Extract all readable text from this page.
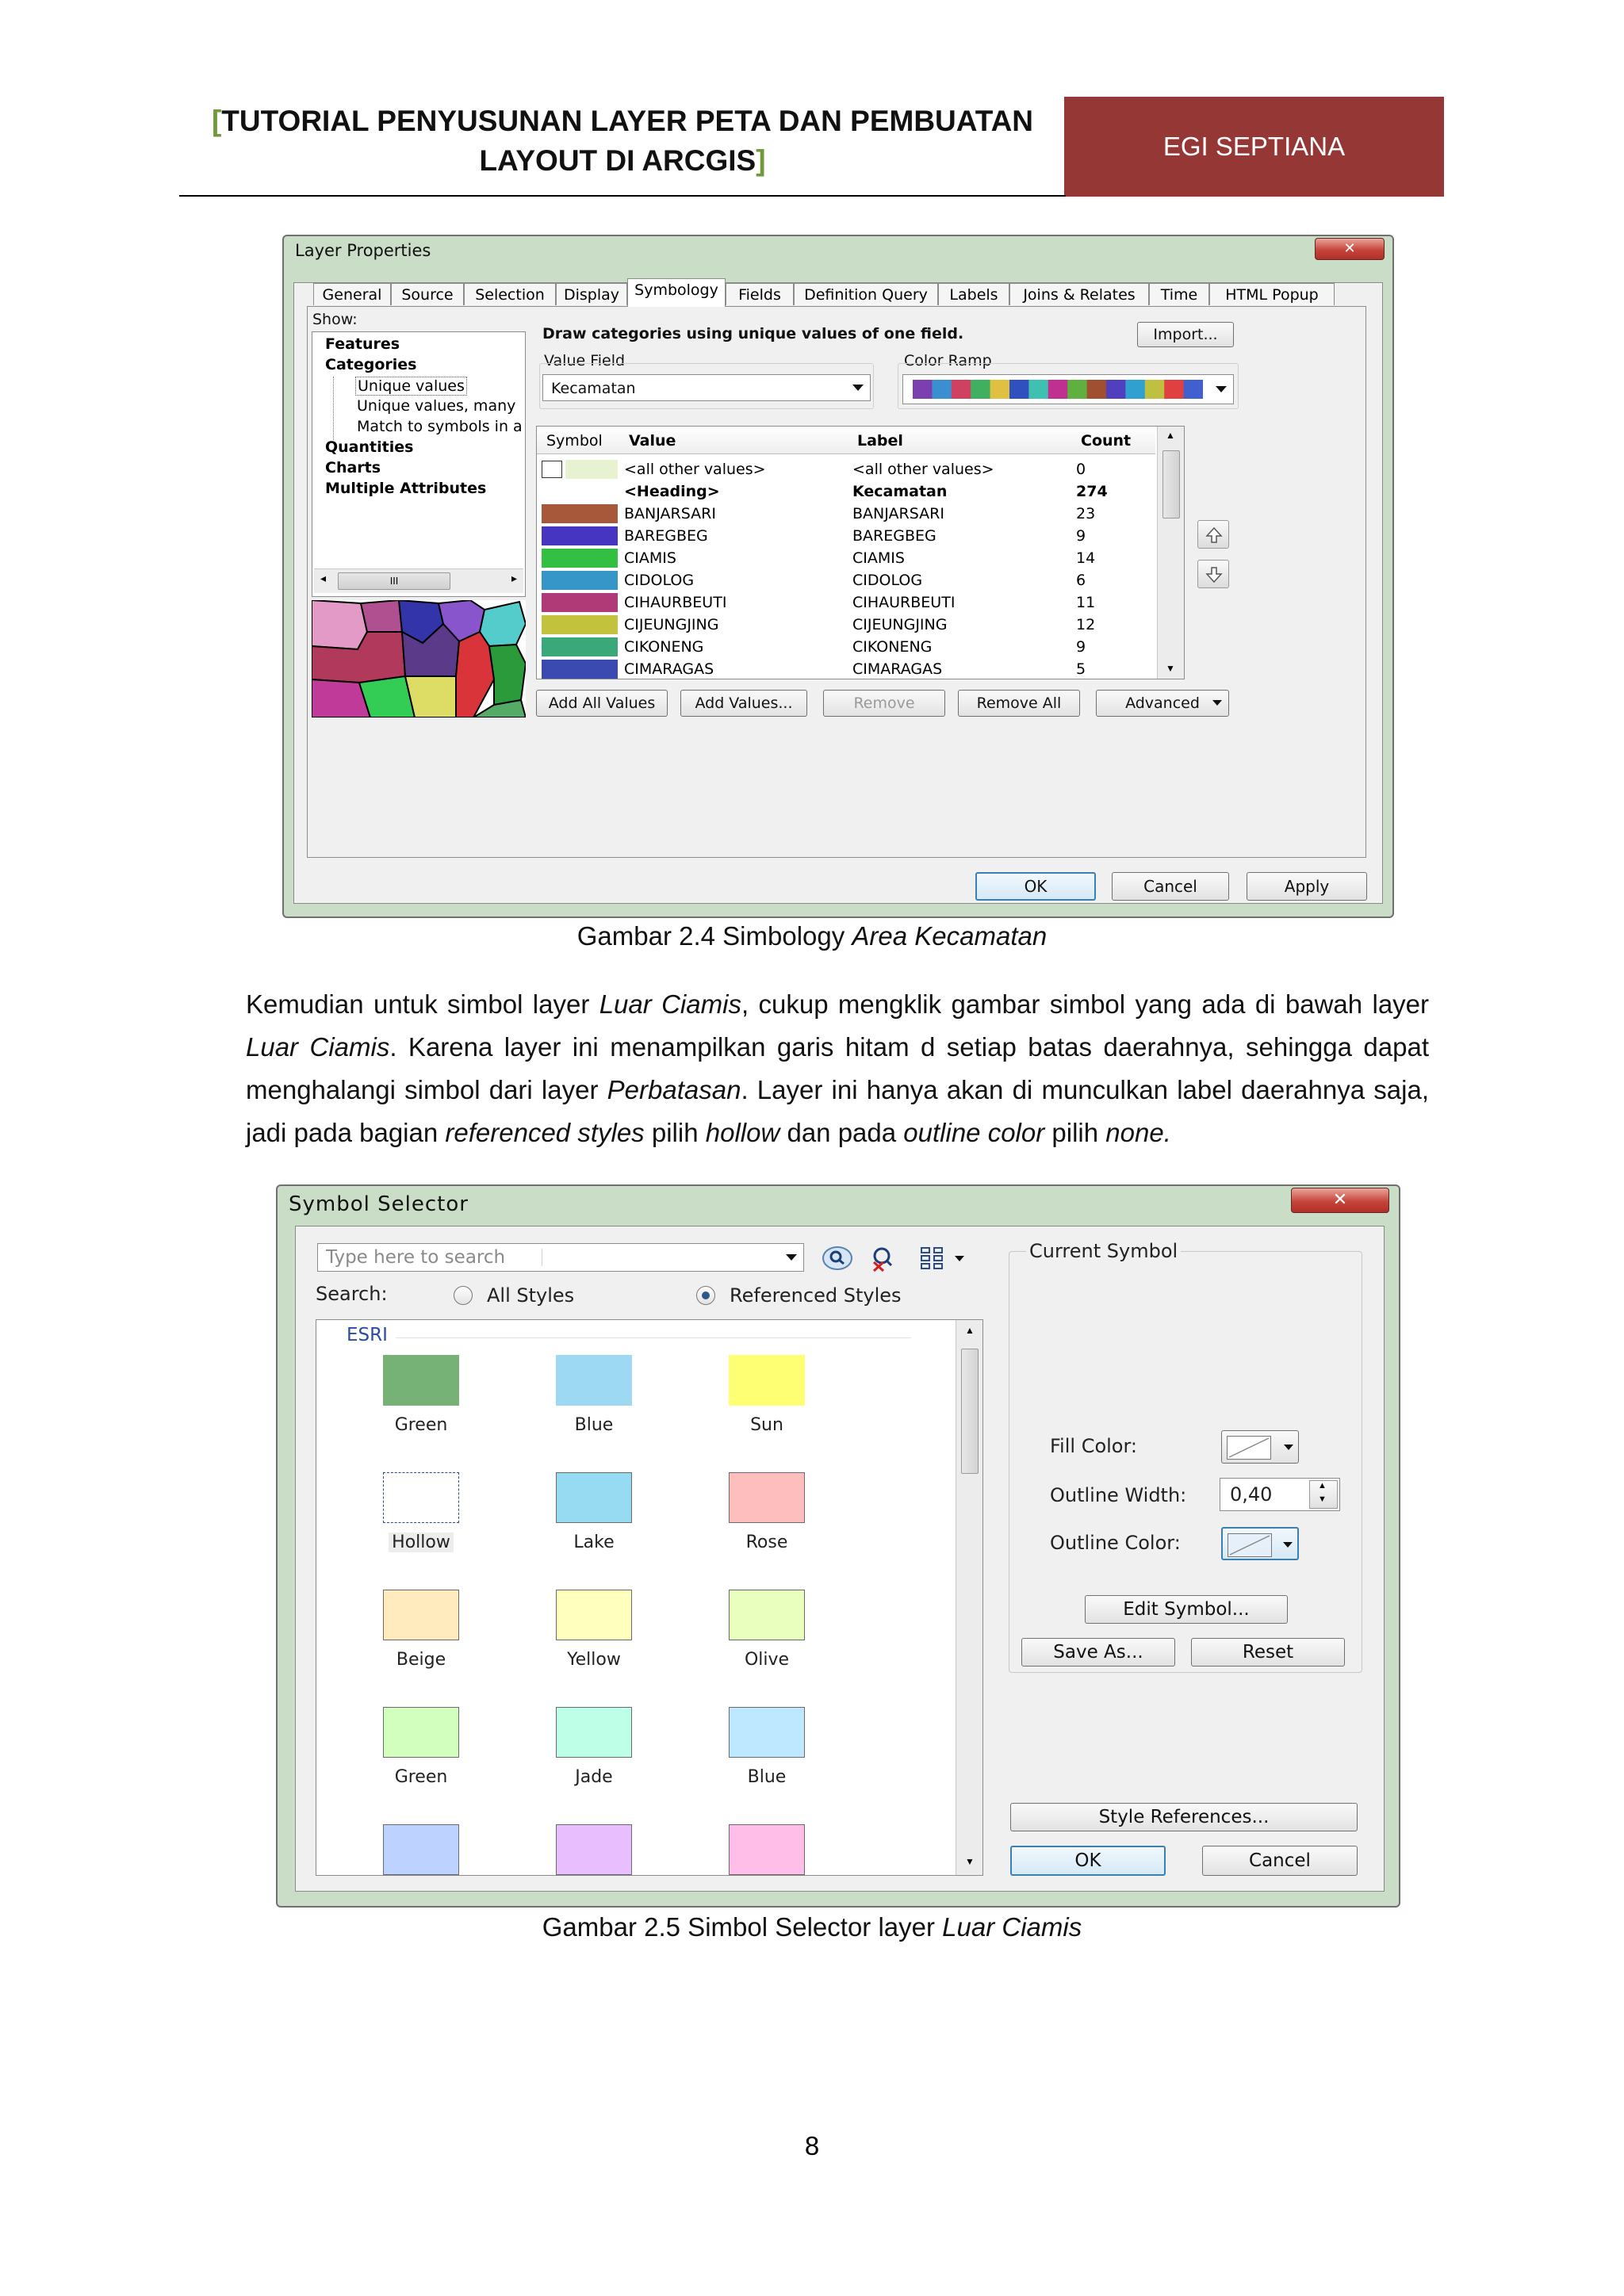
[TUTORIAL PENYUSUNAN LAYER PETA DAN PEMBUATAN
LAYOUT DI ARCGIS]	EGI SEPTIANA
Layer Properties	✕
General	Source	Selection	Display	Symbology	Fields	Definition Query	Labels	Joins & Relates	Time	HTML Popup
Show:
Features
Categories
Unique values
Unique values, many
Match to symbols in a
Quantities
Charts
Multiple Attributes
◂	III	▸
Draw categories using unique values of one field.	Import...
Value Field	Color Ramp
Kecamatan
Symbol	Value	Label	Count
	<all other values>	<all other values>	0
	<Heading>	Kecamatan	274
	BANJARSARI	BANJARSARI	23
	BAREGBEG	BAREGBEG	9
	CIAMIS	CIAMIS	14
	CIDOLOG	CIDOLOG	6
	CIHAURBEUTI	CIHAURBEUTI	11
	CIJEUNGJING	CIJEUNGJING	12
	CIKONENG	CIKONENG	9
	CIMARAGAS	CIMARAGAS	5
▲
▼
Add All Values	Add Values...	Remove	Remove All	Advanced
OK	Cancel	Apply
Gambar 2.4 Simbology Area Kecamatan
Kemudian untuk simbol layer Luar Ciamis, cukup mengklik gambar simbol yang ada di bawah layer Luar Ciamis. Karena layer ini menampilkan garis hitam d setiap batas daerahnya, sehingga dapat menghalangi simbol dari layer Perbatasan. Layer ini hanya akan di munculkan label daerahnya saja, jadi pada bagian referenced styles pilih hollow dan pada outline color pilih none.
Symbol Selector	✕
Type here to search
Search:	All Styles	Referenced Styles
ESRI	▲
▼
Green	Blue	Sun
Hollow	Lake	Rose
Beige	Yellow	Olive
Green	Jade	Blue
Current Symbol
Fill Color:
Outline Width: 0,40	▲
▼
Outline Color:
Edit Symbol...
Save As...	Reset
Style References...
OK	Cancel
Gambar 2.5 Simbol Selector layer Luar Ciamis
8
